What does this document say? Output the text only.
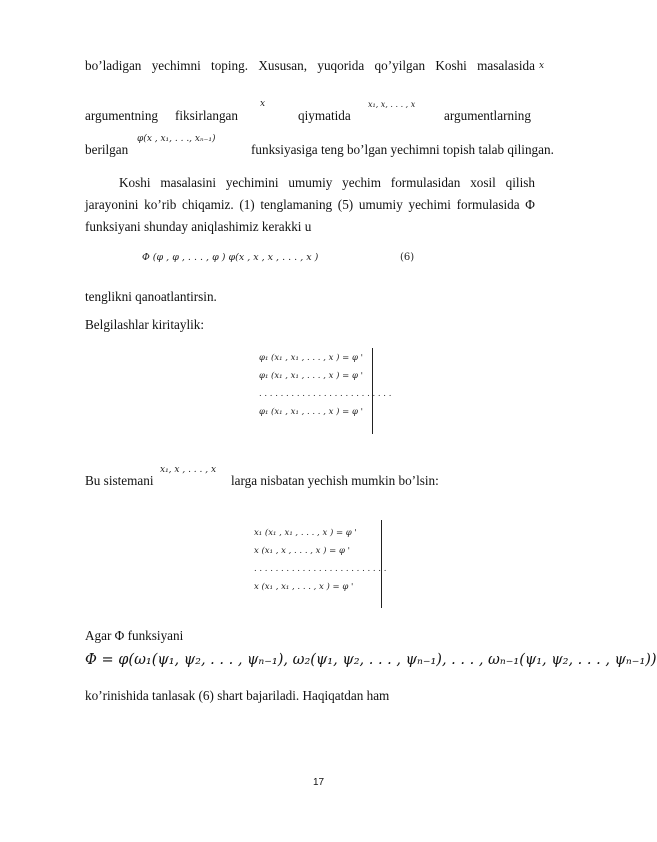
bo’ladigan yechimni toping. Xususan, yuqorida qo’yilgan Koshi masalasida x
argumentning fiksirlangan
x
qiymatida
x₁, x, . . . , x
argumentlarning
berilgan
φ(x , x₁, . . ., xₙ₋₁)
funksiyasiga teng bo’lgan yechimni topish talab qilingan.
Koshi masalasini yechimini umumiy yechim formulasidan xosil qilish
jarayonini ko’rib chiqamiz. (1) tenglamaning (5) umumiy yechimi formulasida Φ
funksiyani shunday aniqlashimiz kerakki u
Φ (φ , φ , . . . , φ ) φ(x , x , x , . . . , x )	(6)
tenglikni qanoatlantirsin.
Belgilashlar kiritaylik:
φ₁ (x₁ , x₁ , . . . , x ) = φ '
φ₁ (x₁ , x₁ , . . . , x ) = φ '
. . . . . . . . . . . . . . . . . . . . . . . . .
φ₁ (x₁ , x₁ , . . . , x ) = φ '
Bu sistemani
x₁, x , . . . , x
larga nisbatan yechish mumkin bo’lsin:
x₁ (x₁ , x₁ , . . . , x ) = φ '
x (x₁ , x , . . . , x ) = φ '
. . . . . . . . . . . . . . . . . . . . . . . . .
x (x₁ , x₁ , . . . , x ) = φ '
Agar Φ funksiyani
Φ = φ(ω₁(ψ₁, ψ₂, . . . , ψₙ₋₁), ω₂(ψ₁, ψ₂, . . . , ψₙ₋₁), . . . , ωₙ₋₁(ψ₁, ψ₂, . . . , ψₙ₋₁))
ko’rinishida tanlasak (6) shart bajariladi. Haqiqatdan ham
17
